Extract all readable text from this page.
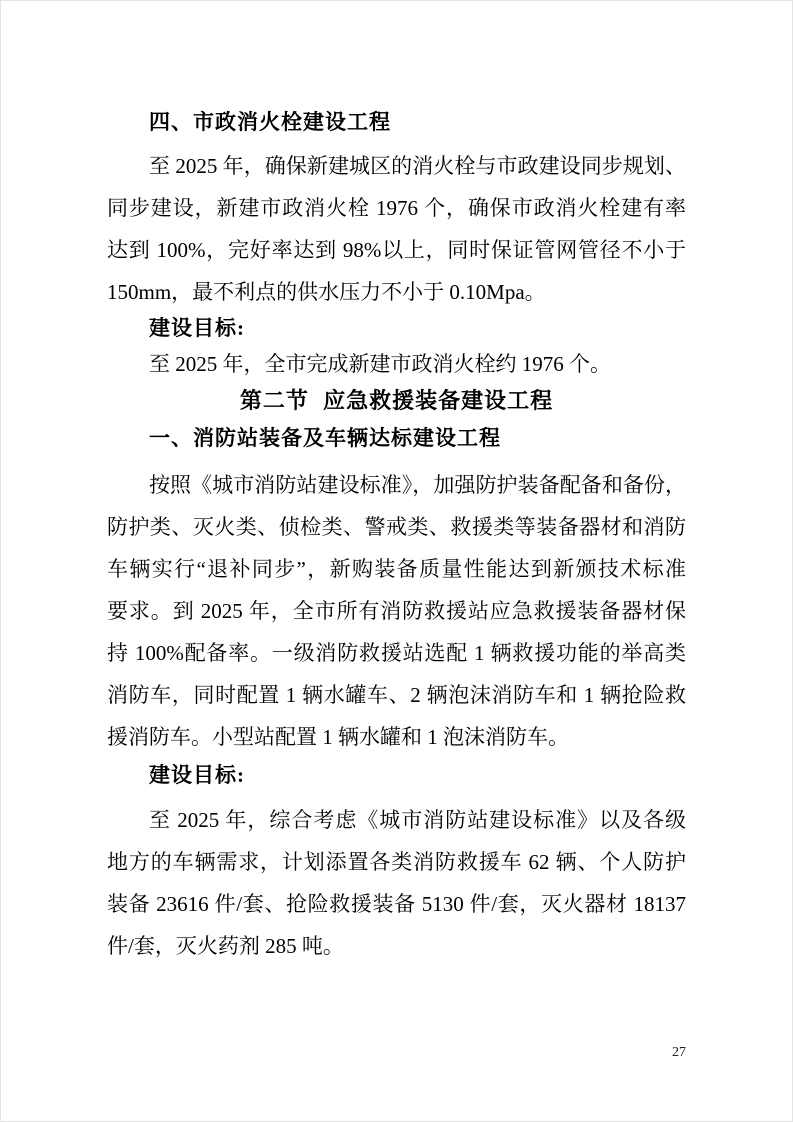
四、市政消火栓建设工程
至 2025 年，确保新建城区的消火栓与市政建设同步规划、
同步建设，新建市政消火栓 1976 个，确保市政消火栓建有率
达到 100%，完好率达到 98%以上，同时保证管网管径不小于
150mm，最不利点的供水压力不小于 0.10Mpa。
建设目标:
至 2025 年，全市完成新建市政消火栓约 1976 个。
第二节 应急救援装备建设工程
一、消防站装备及车辆达标建设工程
按照《城市消防站建设标准》，加强防护装备配备和备份，
防护类、灭火类、侦检类、警戒类、救援类等装备器材和消防
车辆实行“退补同步”，新购装备质量性能达到新颁技术标准
要求。到 2025 年，全市所有消防救援站应急救援装备器材保
持 100%配备率。一级消防救援站选配 1 辆救援功能的举高类
消防车，同时配置 1 辆水罐车、2 辆泡沫消防车和 1 辆抢险救
援消防车。小型站配置 1 辆水罐和 1 泡沫消防车。
建设目标:
至 2025 年，综合考虑《城市消防站建设标准》以及各级
地方的车辆需求，计划添置各类消防救援车 62 辆、个人防护
装备 23616 件/套、抢险救援装备 5130 件/套，灭火器材 18137
件/套，灭火药剂 285 吨。
27
